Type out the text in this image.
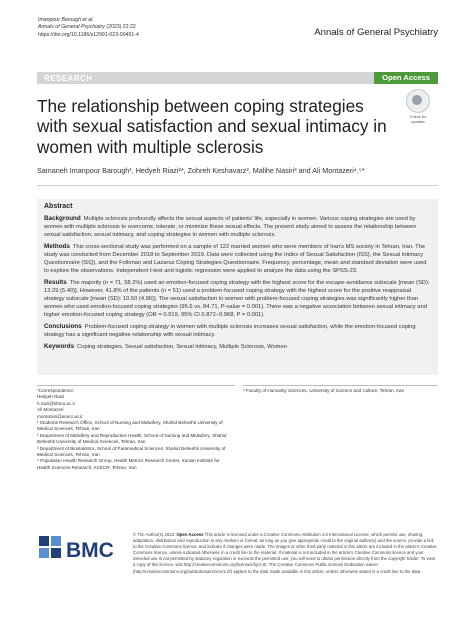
Imanpour Barough et al.
Annals of General Psychiatry (2023) 22:22
https://doi.org/10.1186/s12991-023-00451-4	Annals of General Psychiatry
RESEARCH	Open Access
The relationship between coping strategies with sexual satisfaction and sexual intimacy in women with multiple sclerosis
Check for
updates
Samaneh Imanpour Barough¹, Hedyeh Riazi²*, Zohreh Keshavarz², Malihe Nasiri³ and Ali Montazeri⁴,⁵*
Abstract

Background Multiple sclerosis profoundly affects the sexual aspects of patients' life, especially in women. Various coping strategies are used by women with multiple sclerosis to overcome, tolerate, or minimize these sexual effects. The present study aimed to assess the relationship between sexual satisfaction, sexual intimacy, and coping strategies in women with multiple sclerosis.

Methods This cross-sectional study was performed on a sample of 122 married women who were members of Iran's MS society in Tehran, Iran. The study was conducted from December 2018 to September 2019. Data were collected using the Index of Sexual Satisfaction (ISS), the Sexual Intimacy Questionnaire (SIQ), and the Folkman and Lazarus Coping Strategies Questionnaire. Frequency, percentage, mean and standard deviation were used to explore the observations. Independent t-test and logistic regression were applied to analyze the data using the SPSS-23.

Results The majority (n = 71, 58.2%) used an emotion-focused coping strategy with the highest score for the escape-avoidance subscale [mean (SD): 13.29 (5.40)]. However, 41.8% of the patients (n = 51) used a problem-focused coping strategy with the highest score for the positive reappraisal strategy subscale [mean (SD): 10.50 (4.96)]. The sexual satisfaction in women with problem-focused coping strategies was significantly higher than women who used emotion-focused coping strategies (95.6 vs. 84.71, P-value = 0.001). There was a negative association between sexual intimacy and higher emotion-focused coping strategy (OR = 0.919, 95% CI 0.872–0.968, P = 0.001).

Conclusions Problem-focused coping strategy in women with multiple sclerosis increases sexual satisfaction, while the emotion-focused coping strategy has a significant negative relationship with sexual intimacy.

Keywords Coping strategies, Sexual satisfaction, Sexual intimacy, Multiple Sclerosis, Women

*Correspondence:
Hedyeh Riazi
h.riazi@sbmu.ac.ir
Ali Montazeri
montazeri@acecr.ac.ir
¹ Students Research Office, School of Nursing and Midwifery, Shahid Beheshti University of Medical Sciences, Tehran, Iran
² Department of Midwifery and Reproductive Health, School of Nursing and Midwifery, Shahid Beheshti University of Medical Sciences, Tehran, Iran
³ Department of Biostatistics, School of Paramedical Sciences, Shahid Beheshti University of Medical Sciences, Tehran, Iran
⁴ Population Health Research Group, Health Metrics Research Center, Iranian Institute for Health Sciences Research, ACECR, Tehran, Iran
⁵ Faculty of Humanity Sciences, University of Science and Culture, Tehran, Iran
BMC
© The Author(s) 2023. Open Access This article is licensed under a Creative Commons Attribution 4.0 International License, which permits use, sharing, adaptation, distribution and reproduction in any medium or format, as long as you give appropriate credit to the original author(s) and the source, provide a link to the Creative Commons licence, and indicate if changes were made. The images or other third party material in this article are included in the article's Creative Commons licence, unless indicated otherwise in a credit line to the material. If material is not included in the article's Creative Commons licence and your intended use is not permitted by statutory regulation or exceeds the permitted use, you will need to obtain permission directly from the copyright holder. To view a copy of this licence, visit http://creativecommons.org/licenses/by/4.0/. The Creative Commons Public Domain Dedication waiver (http://creativecommons.org/publicdomain/zero/1.0/) applies to the data made available in this article, unless otherwise stated in a credit line to the data.
